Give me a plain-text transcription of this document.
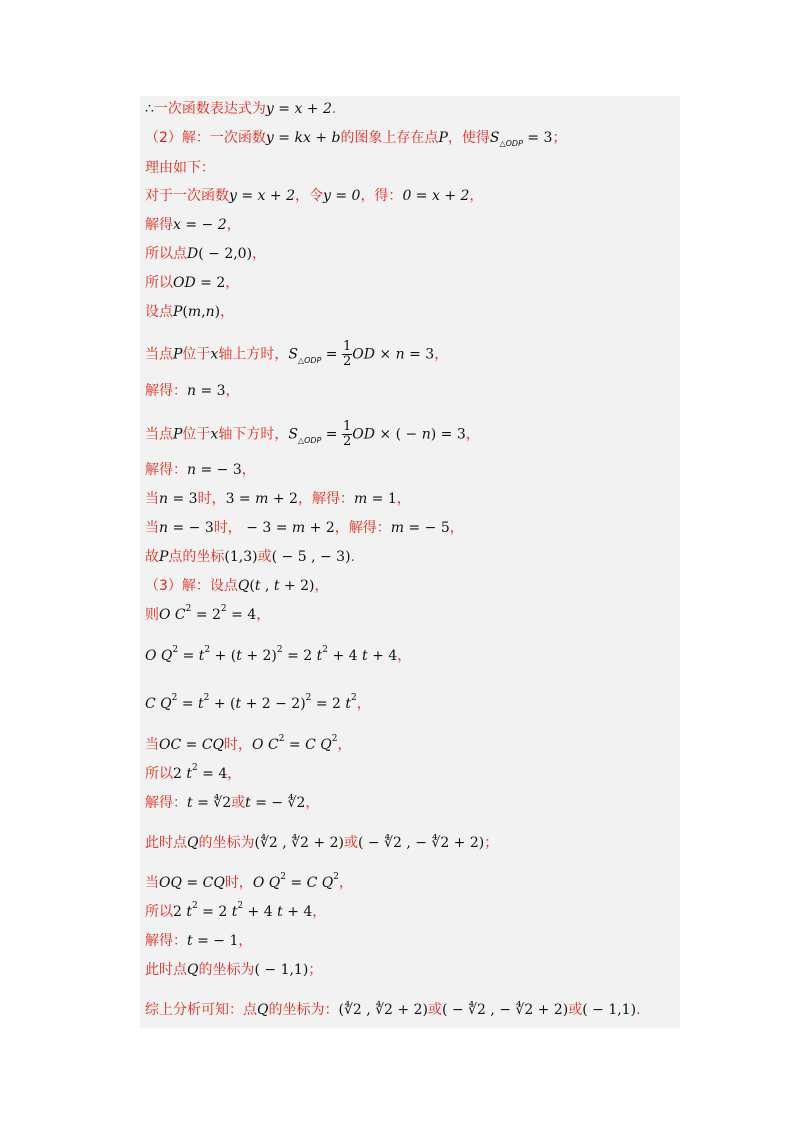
∴一次函数表达式为y = x + 2.
（2）解：一次函数y = kx + b的图象上存在点P，使得$S_{\triangle ODP} = 3$；
理由如下：
对于一次函数y = x + 2，令y = 0，得：0 = x + 2，
解得x = − 2，
所以点D( − 2,0)，
所以OD = 2，
设点P(m,n)，
当点P位于x轴上方时，$S_{\triangle ODP} = \frac{1}{2}$ OD × n = 3，
解得：n = 3，
当点P位于x轴下方时，$S_{\triangle ODP} = \frac{1}{2}$ OD × ( − n) = 3，
解得：n = − 3，
当n = 3时，3 = m + 2，解得：m = 1，
当n = − 3时， − 3 = m + 2，解得：m = − 5，
故P点的坐标(1,3)或( − 5 , − 3).
（3）解：设点Q(t , t + 2)，
则O $C^2 = 2^2 = 4$，
O $Q^2 = t^2 + (t + 2)^2 = 2$ $t^2 + 4$ t + 4，
C $Q^2 = t^2 + (t + 2 - 2)^2 = 2$ $t^2$，
当OC = CQ时，O $C^2 = C$ $Q^2$，
所以2 $t^2 = 4$，
解得：t = ∜2或t = − ∜2，
此时点Q的坐标为(∜2 , ∜2 + 2)或( − ∜2 , − ∜2 + 2)；
当OQ = CQ时，O $Q^2 = C$ $Q^2$，
所以2 $t^2 = 2$ $t^2 + 4$ t + 4，
解得：t = − 1，
此时点Q的坐标为( − 1,1)；
综上分析可知：点Q的坐标为：(∜2 , ∜2 + 2)或( − ∜2 , − ∜2 + 2)或( − 1,1).
